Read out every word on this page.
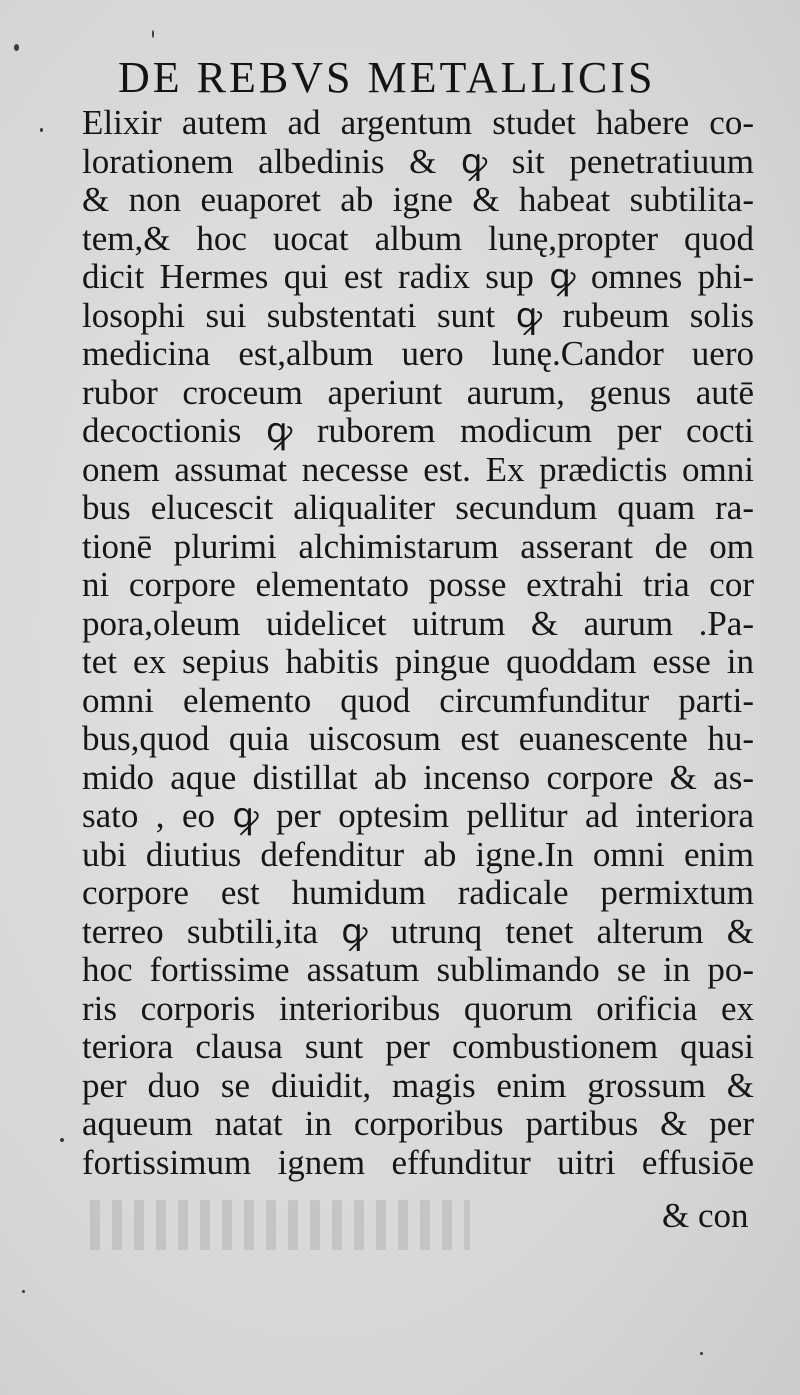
DE REBVS METALLICIS
Elixir autem ad argentum studet habere co-
lorationem albedinis & ꝙ sit penetratiuum
& non euaporet ab igne & habeat subtilita-
tem,& hoc uocat album lunę,propter quod
dicit Hermes qui est radix sup ꝙ omnes phi-
losophi sui substentati sunt ꝙ rubeum solis
medicina est,album uero lunę.Candor uero
rubor croceum aperiunt aurum, genus autē
decoctionis ꝙ ruborem modicum per cocti
onem assumat necesse est. Ex prædictis omni
bus elucescit aliqualiter secundum quam ra-
tionē plurimi alchimistarum asserant de om
ni corpore elementato posse extrahi tria cor
pora,oleum uidelicet uitrum & aurum .Pa-
tet ex sepius habitis pingue quoddam esse in
omni elemento quod circumfunditur parti-
bus,quod quia uiscosum est euanescente hu-
mido aque distillat ab incenso corpore & as-
sato , eo ꝙ per optesim pellitur ad interiora
ubi diutius defenditur ab igne.In omni enim
corpore est humidum radicale permixtum
terreo subtili,ita ꝙ utrunq tenet alterum &
hoc fortissime assatum sublimando se in po-
ris corporis interioribus quorum orificia ex
teriora clausa sunt per combustionem quasi
per duo se diuidit, magis enim grossum &
aqueum natat in corporibus partibus & per
fortissimum ignem effunditur uitri effusiōe
& con
